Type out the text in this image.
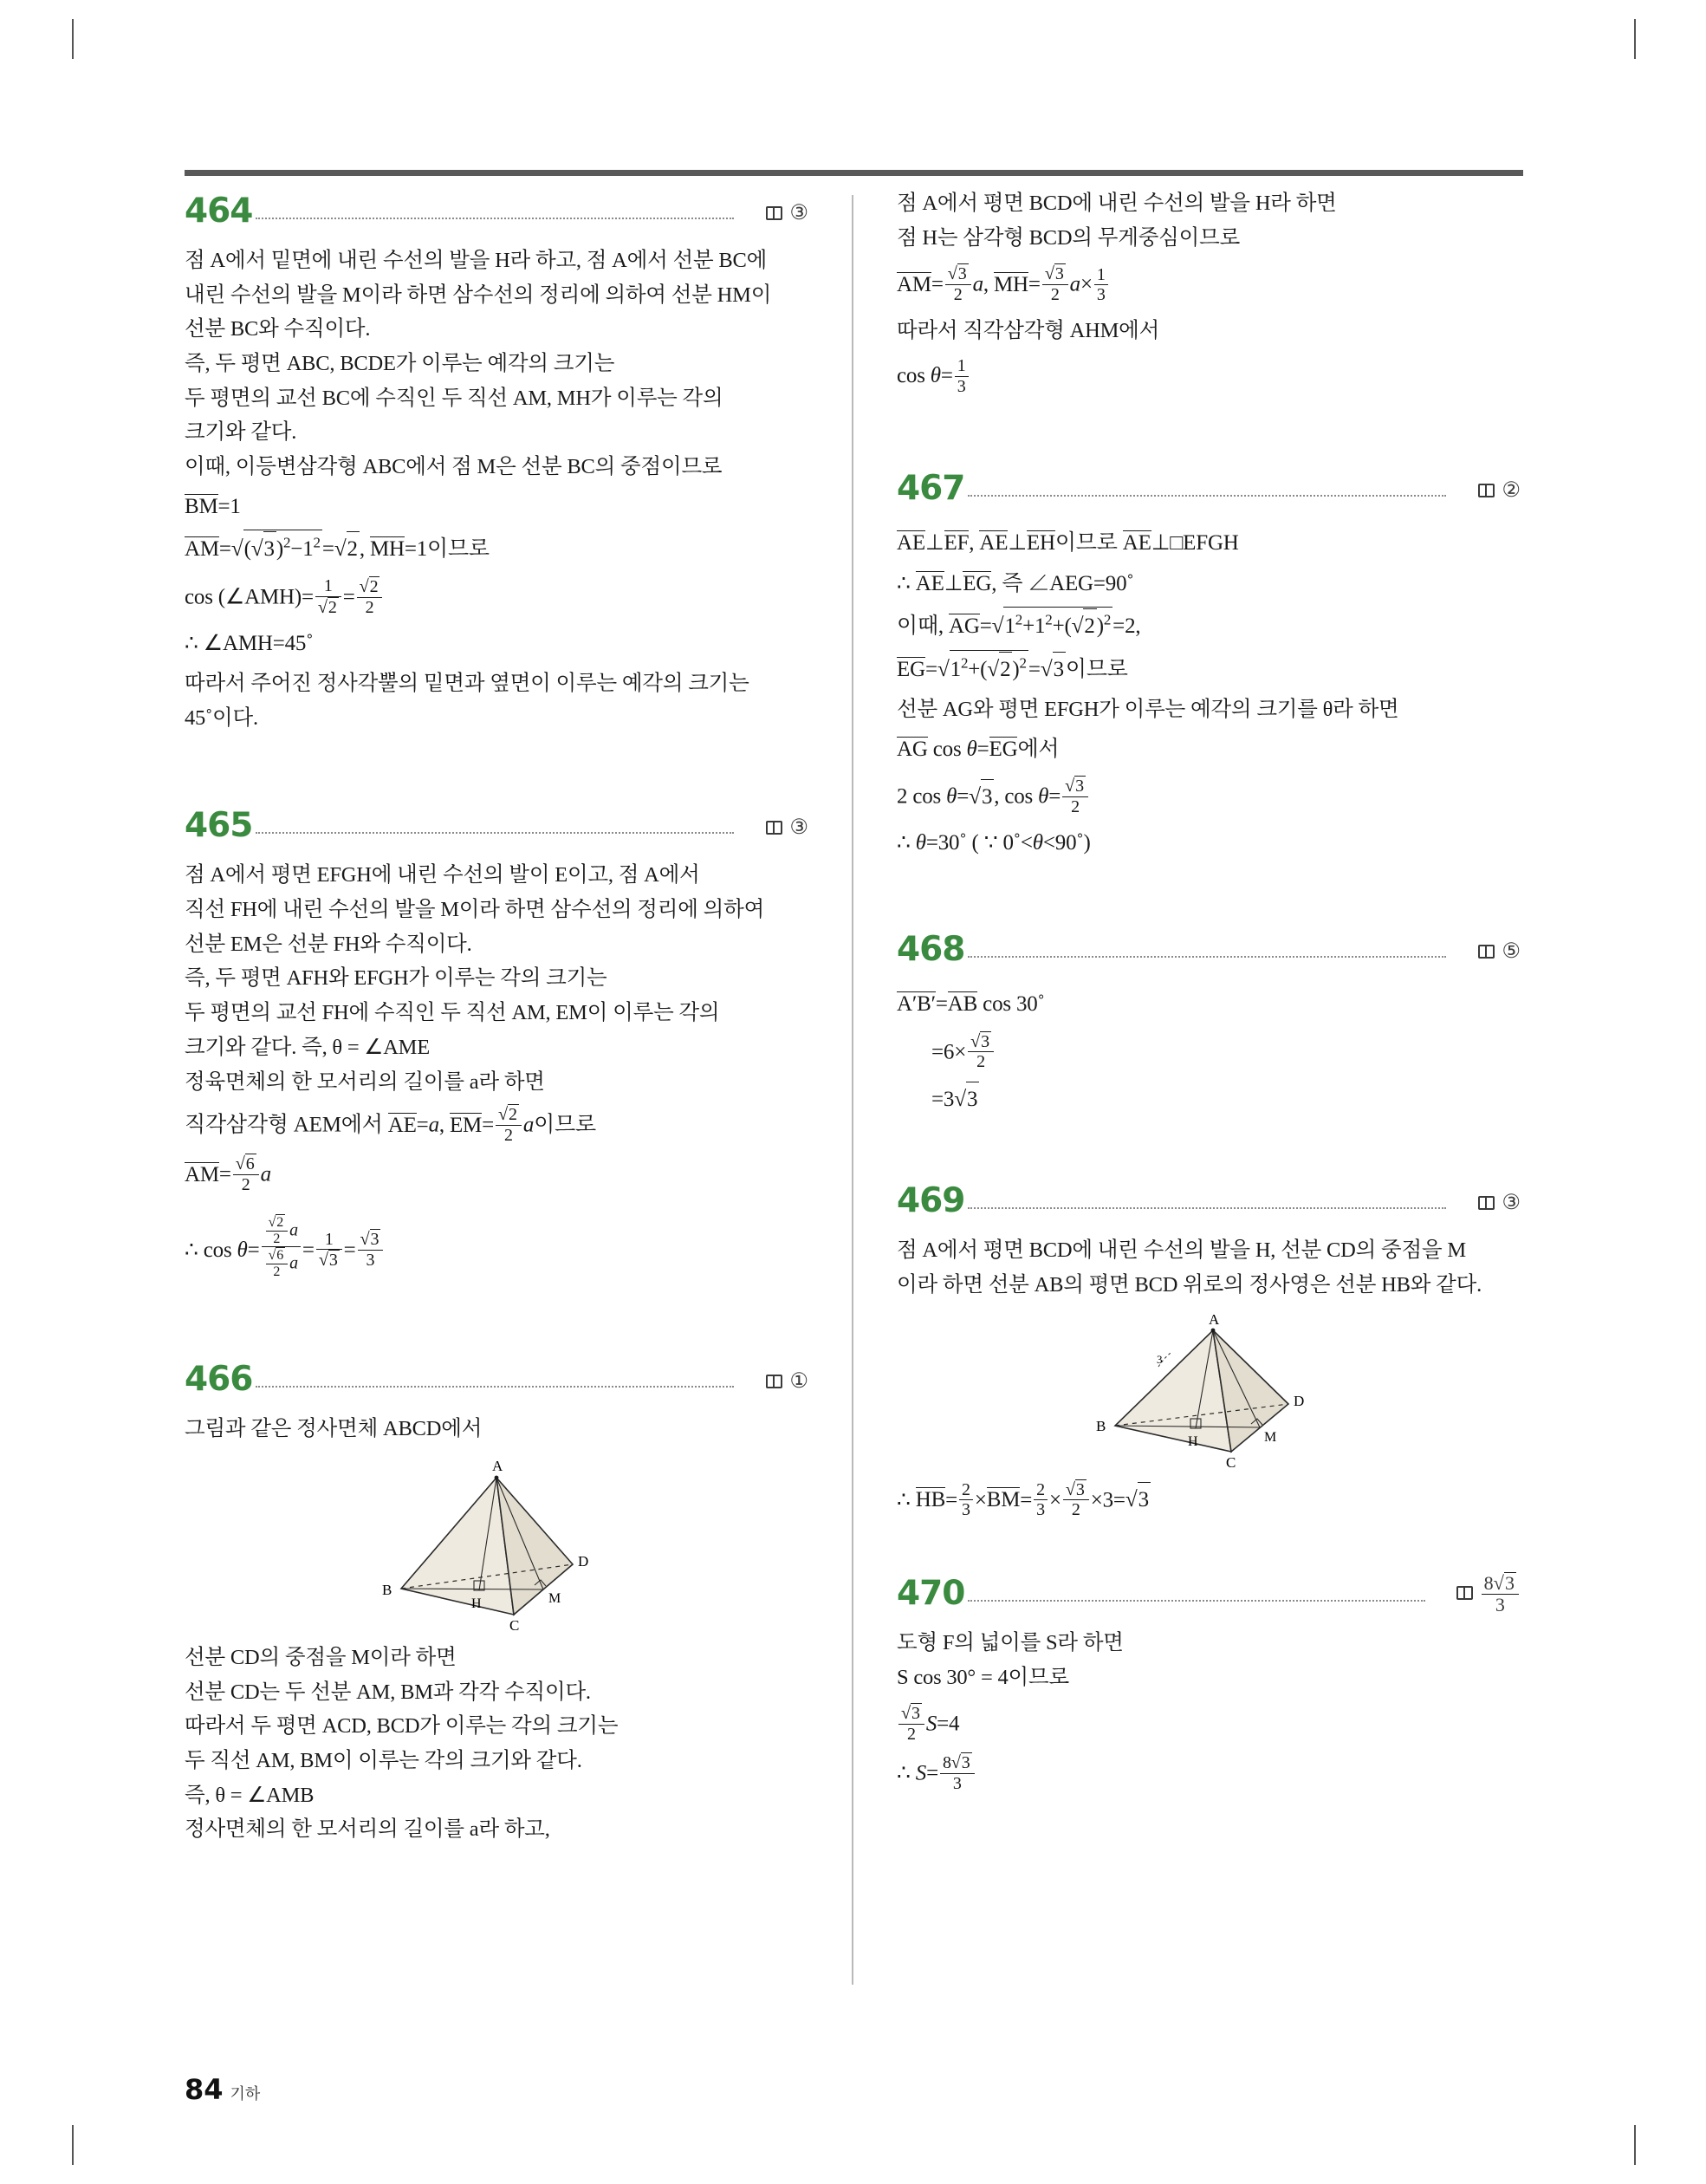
464	③

점 A에서 밑면에 내린 수선의 발을 H라 하고, 점 A에서 선분 BC에

내린 수선의 발을 M이라 하면 삼수선의 정리에 의하여 선분 HM이

선분 BC와 수직이다.

즉, 두 평면 ABC, BCDE가 이루는 예각의 크기는

두 평면의 교선 BC에 수직인 두 직선 AM, MH가 이루는 각의

크기와 같다.

이때, 이등변삼각형 ABC에서 점 M은 선분 BC의 중점이므로

BM=1
$AM=√(√3)^2-1^2=√2$, MH=1이므로
cos (∠AMH)= $\frac{1}{√2} = \frac{√2}{2}$
∴ ∠AMH=45˚

따라서 주어진 정사각뿔의 밑면과 옆면이 이루는 예각의 크기는

45˚이다.

465	③

점 A에서 평면 EFGH에 내린 수선의 발이 E이고, 점 A에서

직선 FH에 내린 수선의 발을 M이라 하면 삼수선의 정리에 의하여

선분 EM은 선분 FH와 수직이다.

즉, 두 평면 AFH와 EFGH가 이루는 각의 크기는

두 평면의 교선 FH에 수직인 두 직선 AM, EM이 이루는 각의

크기와 같다. 즉, θ = ∠AME

정육면체의 한 모서리의 길이를 a라 하면

직각삼각형 AEM에서 AE=a, $EM= \frac{√2}{2}$ a이므로
$AM= \frac{√6}{2}$ a
∴ $\cos \theta= \frac{\frac{√2}{2} a}{\frac{√6}{2} a} = \frac{1}{√3} = \frac{√3}{3}$
466	①

그림과 같은 정사면체 ABCD에서

A
B
D
C
H	M

선분 CD의 중점을 M이라 하면

선분 CD는 두 선분 AM, BM과 각각 수직이다.

따라서 두 평면 ACD, BCD가 이루는 각의 크기는

두 직선 AM, BM이 이루는 각의 크기와 같다.

즉, θ = ∠AMB

정사면체의 한 모서리의 길이를 a라 하고,

점 A에서 평면 BCD에 내린 수선의 발을 H라 하면

점 H는 삼각형 BCD의 무게중심이므로

$AM= \frac{√3}{2} a$, $MH= \frac{√3}{2} a\times \frac{1}{3}$

따라서 직각삼각형 AHM에서

$\cos \theta= \frac{1}{3}$
467	②
AE⊥EF, AE⊥EH이므로 AE⊥□EFGH
∴ AE⊥EG, 즉 ∠AEG=90˚
이때, $AG=√1^2+1^2+(√2)^2=2$,
$EG=√1^2+(√2)^2=√3$이므로

선분 AG와 평면 EFGH가 이루는 예각의 크기를 θ라 하면

AG cos θ=EG에서
2 cos θ=√3, $\cos \theta= \frac{√3}{2}$
∴ θ=30˚ ( ∵ 0˚<θ<90˚)
468	⑤
A′B′=AB cos 30˚
$=6\times \frac{√3}{2}$
=3√3
469	③

점 A에서 평면 BCD에 내린 수선의 발을 H, 선분 CD의 중점을 M

이라 하면 선분 AB의 평면 BCD 위로의 정사영은 선분 HB와 같다.

3
A
B
D
C
H	M
∴ $HB= \frac{2}{3} \times BM= \frac{2}{3} \times \frac{√3}{2} \times 3=√3$
470	$\frac{8√3}{3}$

도형 F의 넓이를 S라 하면

S cos 30° = 4이므로

$\frac{√3}{2} S=4$
∴ $S= \frac{8√3}{3}$
84 기하
